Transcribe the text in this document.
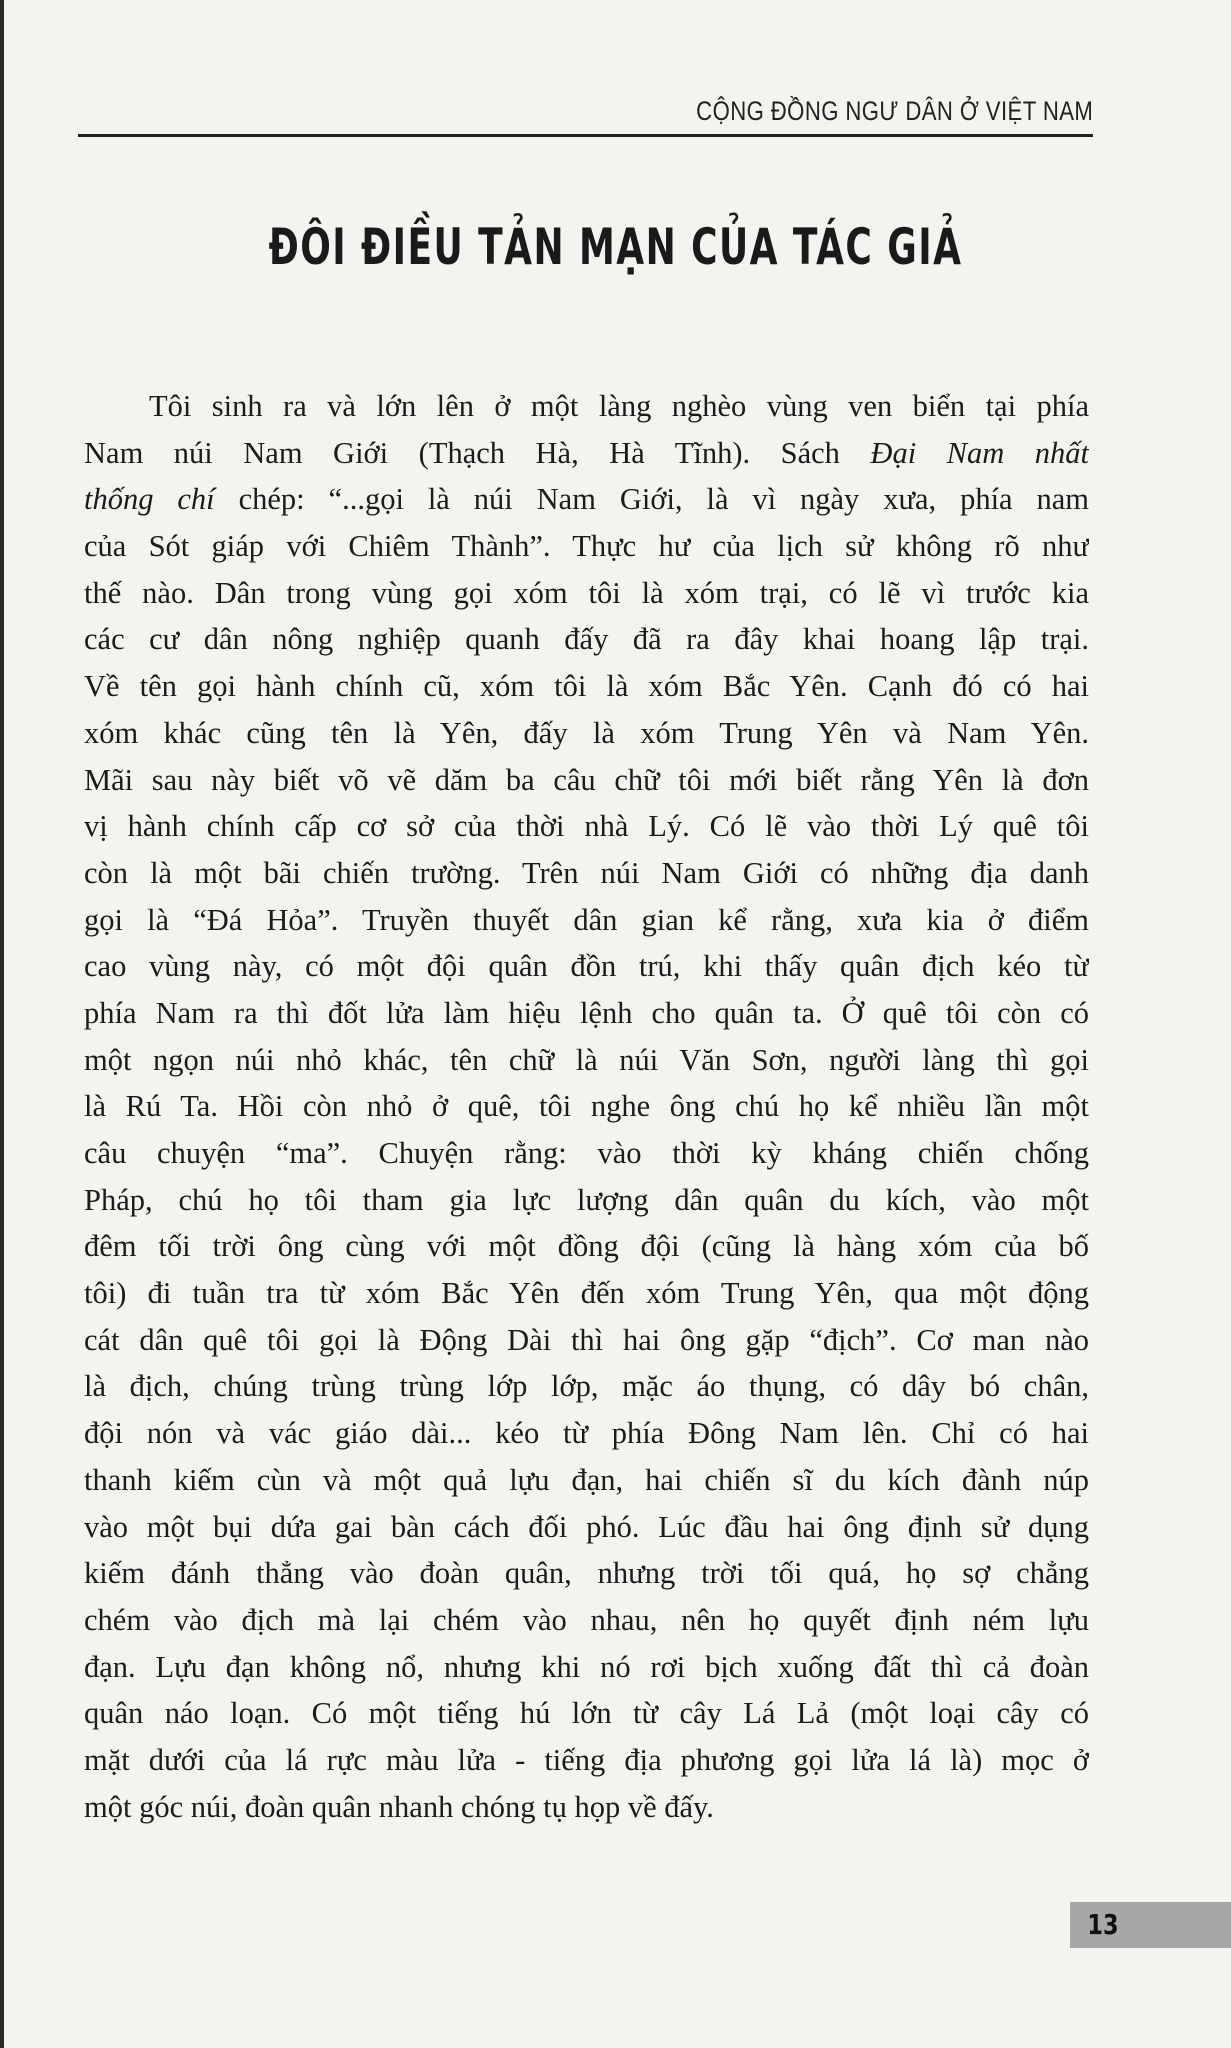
CỘNG ĐỒNG NGƯ DÂN Ở VIỆT NAM
ĐÔI ĐIỀU TẢN MẠN CỦA TÁC GIẢ
Tôi sinh ra và lớn lên ở một làng nghèo vùng ven biển tại phía
Nam núi Nam Giới (Thạch Hà, Hà Tĩnh). Sách Đại Nam nhất
thống chí chép: “...gọi là núi Nam Giới, là vì ngày xưa, phía nam
của Sót giáp với Chiêm Thành”. Thực hư của lịch sử không rõ như
thế nào. Dân trong vùng gọi xóm tôi là xóm trại, có lẽ vì trước kia
các cư dân nông nghiệp quanh đấy đã ra đây khai hoang lập trại.
Về tên gọi hành chính cũ, xóm tôi là xóm Bắc Yên. Cạnh đó có hai
xóm khác cũng tên là Yên, đấy là xóm Trung Yên và Nam Yên.
Mãi sau này biết võ vẽ dăm ba câu chữ tôi mới biết rằng Yên là đơn
vị hành chính cấp cơ sở của thời nhà Lý. Có lẽ vào thời Lý quê tôi
còn là một bãi chiến trường. Trên núi Nam Giới có những địa danh
gọi là “Đá Hỏa”. Truyền thuyết dân gian kể rằng, xưa kia ở điểm
cao vùng này, có một đội quân đồn trú, khi thấy quân địch kéo từ
phía Nam ra thì đốt lửa làm hiệu lệnh cho quân ta. Ở quê tôi còn có
một ngọn núi nhỏ khác, tên chữ là núi Văn Sơn, người làng thì gọi
là Rú Ta. Hồi còn nhỏ ở quê, tôi nghe ông chú họ kể nhiều lần một
câu chuyện “ma”. Chuyện rằng: vào thời kỳ kháng chiến chống
Pháp, chú họ tôi tham gia lực lượng dân quân du kích, vào một
đêm tối trời ông cùng với một đồng đội (cũng là hàng xóm của bố
tôi) đi tuần tra từ xóm Bắc Yên đến xóm Trung Yên, qua một động
cát dân quê tôi gọi là Động Dài thì hai ông gặp “địch”. Cơ man nào
là địch, chúng trùng trùng lớp lớp, mặc áo thụng, có dây bó chân,
đội nón và vác giáo dài... kéo từ phía Đông Nam lên. Chỉ có hai
thanh kiếm cùn và một quả lựu đạn, hai chiến sĩ du kích đành núp
vào một bụi dứa gai bàn cách đối phó. Lúc đầu hai ông định sử dụng
kiếm đánh thẳng vào đoàn quân, nhưng trời tối quá, họ sợ chẳng
chém vào địch mà lại chém vào nhau, nên họ quyết định ném lựu
đạn. Lựu đạn không nổ, nhưng khi nó rơi bịch xuống đất thì cả đoàn
quân náo loạn. Có một tiếng hú lớn từ cây Lá Lả (một loại cây có
mặt dưới của lá rực màu lửa - tiếng địa phương gọi lửa lá là) mọc ở
một góc núi, đoàn quân nhanh chóng tụ họp về đấy.
13
